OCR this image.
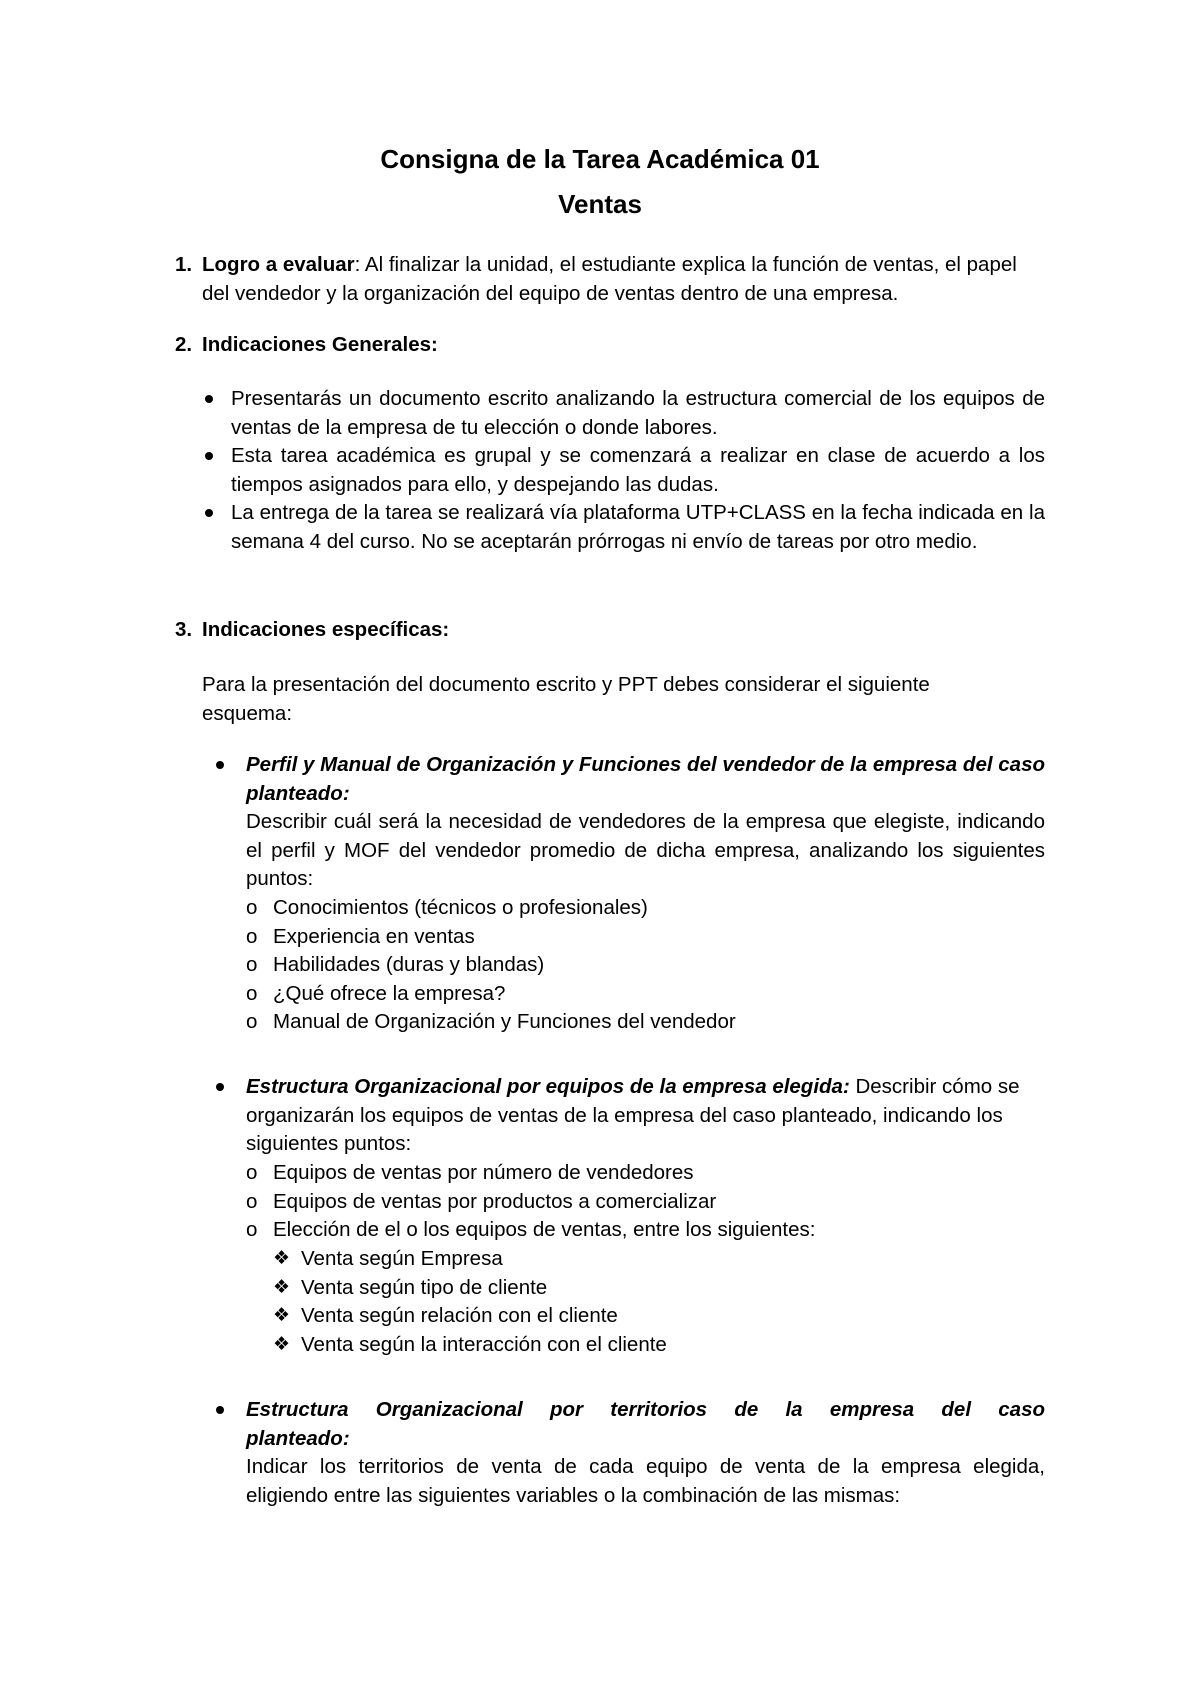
Consigna de la Tarea Académica 01
Ventas
1. Logro a evaluar: Al finalizar la unidad, el estudiante explica la función de ventas, el papel del vendedor y la organización del equipo de ventas dentro de una empresa.

2. Indicaciones Generales:

Presentarás un documento escrito analizando la estructura comercial de los equipos de ventas de la empresa de tu elección o donde labores.

Esta tarea académica es grupal y se comenzará a realizar en clase de acuerdo a los tiempos asignados para ello, y despejando las dudas.

La entrega de la tarea se realizará vía plataforma UTP+CLASS en la fecha indicada en la semana 4 del curso. No se aceptarán prórrogas ni envío de tareas por otro medio.

3. Indicaciones específicas:

Para la presentación del documento escrito y PPT debes considerar el siguiente esquema:

Perfil y Manual de Organización y Funciones del vendedor de la empresa del caso planteado:

Describir cuál será la necesidad de vendedores de la empresa que elegiste, indicando el perfil y MOF del vendedor promedio de dicha empresa, analizando los siguientes puntos:

o Conocimientos (técnicos o profesionales)
o Experiencia en ventas
o Habilidades (duras y blandas)
o ¿Qué ofrece la empresa?
o Manual de Organización y Funciones del vendedor

Estructura Organizacional por equipos de la empresa elegida: Describir cómo se organizarán los equipos de ventas de la empresa del caso planteado, indicando los siguientes puntos:

o Equipos de ventas por número de vendedores
o Equipos de ventas por productos a comercializar
o Elección de el o los equipos de ventas, entre los siguientes:
❖ Venta según Empresa
❖ Venta según tipo de cliente
❖ Venta según relación con el cliente
❖ Venta según la interacción con el cliente

Estructura Organizacional por territorios de la empresa del caso planteado:

Indicar los territorios de venta de cada equipo de venta de la empresa elegida, eligiendo entre las siguientes variables o la combinación de las mismas:
